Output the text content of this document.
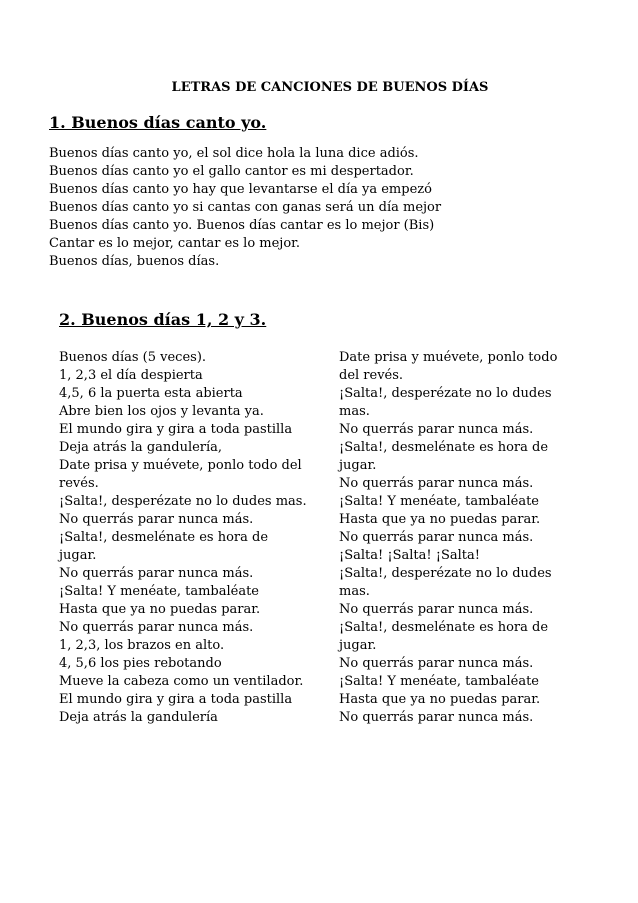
LETRAS DE CANCIONES DE BUENOS DÍAS
1. Buenos días canto yo.
Buenos días canto yo, el sol dice hola la luna dice adiós.
Buenos días canto yo el gallo cantor es mi despertador.
Buenos días canto yo hay que levantarse el día ya empezó
Buenos días canto yo si cantas con ganas será un día mejor
Buenos días canto yo. Buenos días cantar es lo mejor (Bis)
Cantar es lo mejor, cantar es lo mejor.
Buenos días, buenos días.
2. Buenos días 1, 2 y 3.
Buenos días (5 veces).
1, 2,3 el día despierta
4,5, 6 la puerta esta abierta
Abre bien los ojos y levanta ya.
El mundo gira y gira a toda pastilla
Deja atrás la gandulería,
Date prisa y muévete, ponlo todo del
revés.
¡Salta!, desperézate no lo dudes mas.
No querrás parar nunca más.
¡Salta!, desmelénate es hora de
jugar.
No querrás parar nunca más.
¡Salta! Y menéate, tambaléate
Hasta que ya no puedas parar.
No querrás parar nunca más.
1, 2,3, los brazos en alto.
4, 5,6 los pies rebotando
Mueve la cabeza como un ventilador.
El mundo gira y gira a toda pastilla
Deja atrás la gandulería
Date prisa y muévete, ponlo todo
del revés.
¡Salta!, desperézate no lo dudes
mas.
No querrás parar nunca más.
¡Salta!, desmelénate es hora de
jugar.
No querrás parar nunca más.
¡Salta! Y menéate, tambaléate
Hasta que ya no puedas parar.
No querrás parar nunca más.
¡Salta! ¡Salta! ¡Salta!
¡Salta!, desperézate no lo dudes
mas.
No querrás parar nunca más.
¡Salta!, desmelénate es hora de
jugar.
No querrás parar nunca más.
¡Salta! Y menéate, tambaléate
Hasta que ya no puedas parar.
No querrás parar nunca más.
